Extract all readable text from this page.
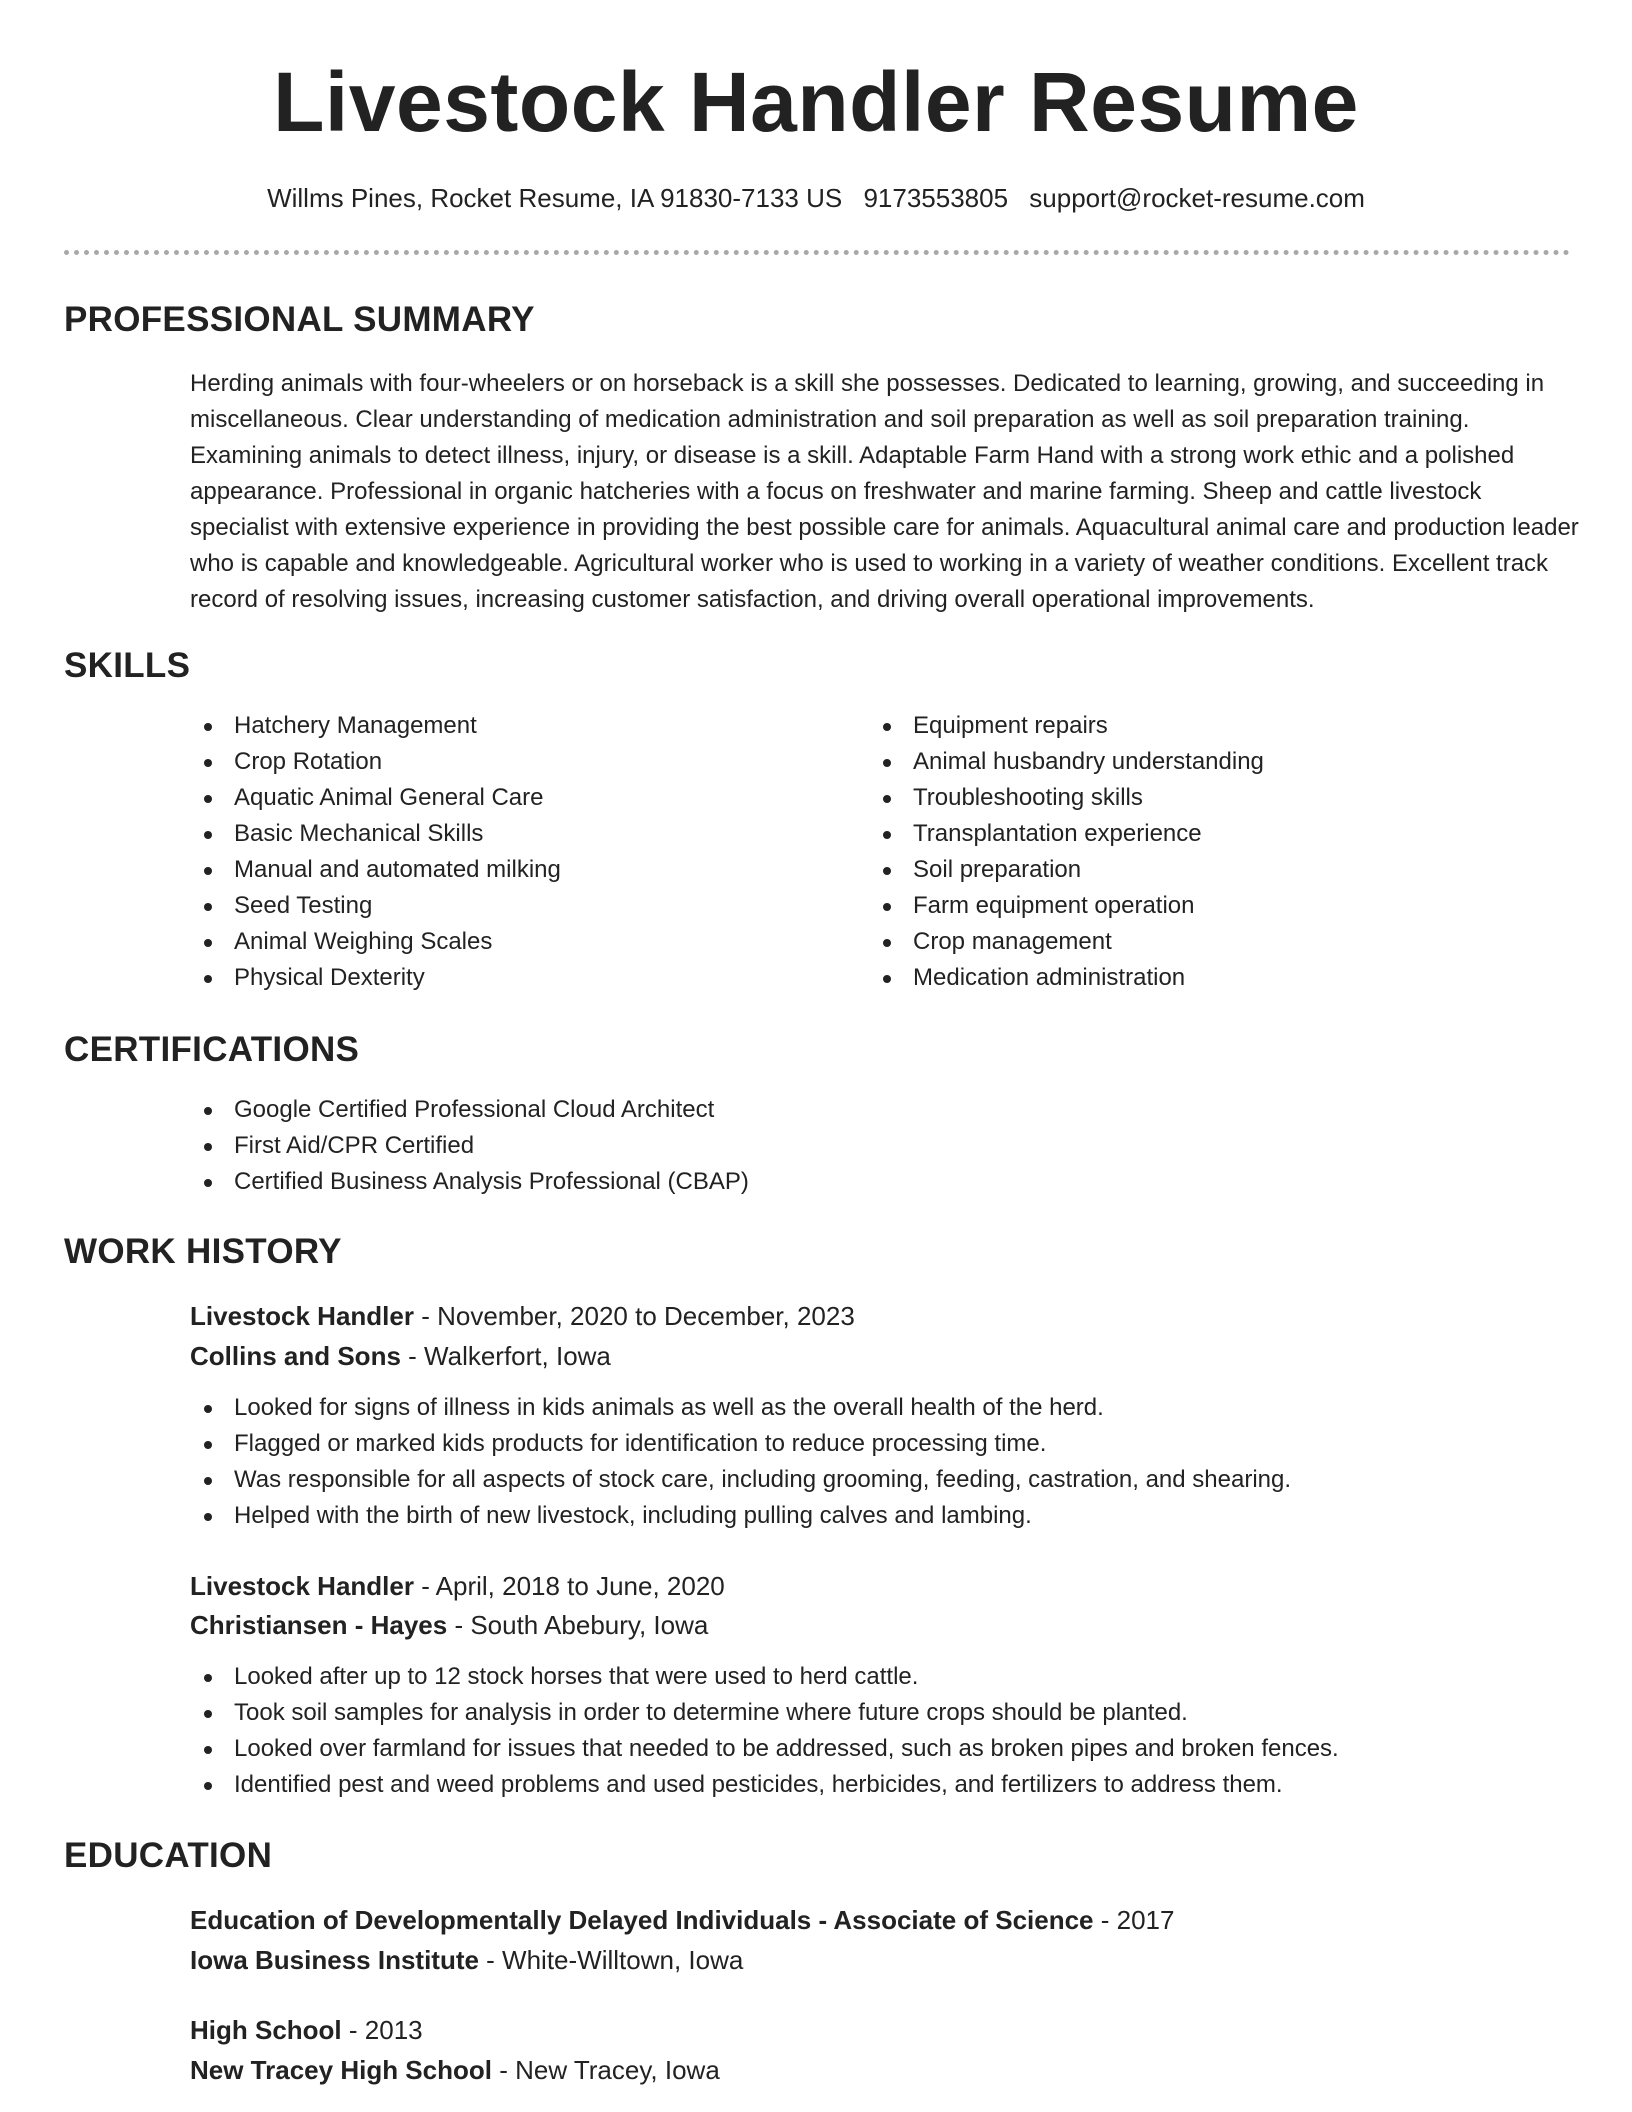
Livestock Handler Resume
Willms Pines, Rocket Resume, IA 91830-7133 US 9173553805 support@rocket-resume.com
PROFESSIONAL SUMMARY

Herding animals with four-wheelers or on horseback is a skill she possesses. Dedicated to learning, growing, and succeeding in miscellaneous. Clear understanding of medication administration and soil preparation as well as soil preparation training. Examining animals to detect illness, injury, or disease is a skill. Adaptable Farm Hand with a strong work ethic and a polished appearance. Professional in organic hatcheries with a focus on freshwater and marine farming. Sheep and cattle livestock specialist with extensive experience in providing the best possible care for animals. Aquacultural animal care and production leader who is capable and knowledgeable. Agricultural worker who is used to working in a variety of weather conditions. Excellent track record of resolving issues, increasing customer satisfaction, and driving overall operational improvements.

SKILLS
Hatchery Management
Crop Rotation
Aquatic Animal General Care
Basic Mechanical Skills
Manual and automated milking
Seed Testing
Animal Weighing Scales
Physical Dexterity
Equipment repairs
Animal husbandry understanding
Troubleshooting skills
Transplantation experience
Soil preparation
Farm equipment operation
Crop management
Medication administration
CERTIFICATIONS
Google Certified Professional Cloud Architect
First Aid/CPR Certified
Certified Business Analysis Professional (CBAP)
WORK HISTORY
Livestock Handler - November, 2020 to December, 2023
Collins and Sons - Walkerfort, Iowa
Looked for signs of illness in kids animals as well as the overall health of the herd.
Flagged or marked kids products for identification to reduce processing time.
Was responsible for all aspects of stock care, including grooming, feeding, castration, and shearing.
Helped with the birth of new livestock, including pulling calves and lambing.
Livestock Handler - April, 2018 to June, 2020
Christiansen - Hayes - South Abebury, Iowa
Looked after up to 12 stock horses that were used to herd cattle.
Took soil samples for analysis in order to determine where future crops should be planted.
Looked over farmland for issues that needed to be addressed, such as broken pipes and broken fences.
Identified pest and weed problems and used pesticides, herbicides, and fertilizers to address them.
EDUCATION
Education of Developmentally Delayed Individuals - Associate of Science - 2017
Iowa Business Institute - White-Willtown, Iowa
High School - 2013
New Tracey High School - New Tracey, Iowa
